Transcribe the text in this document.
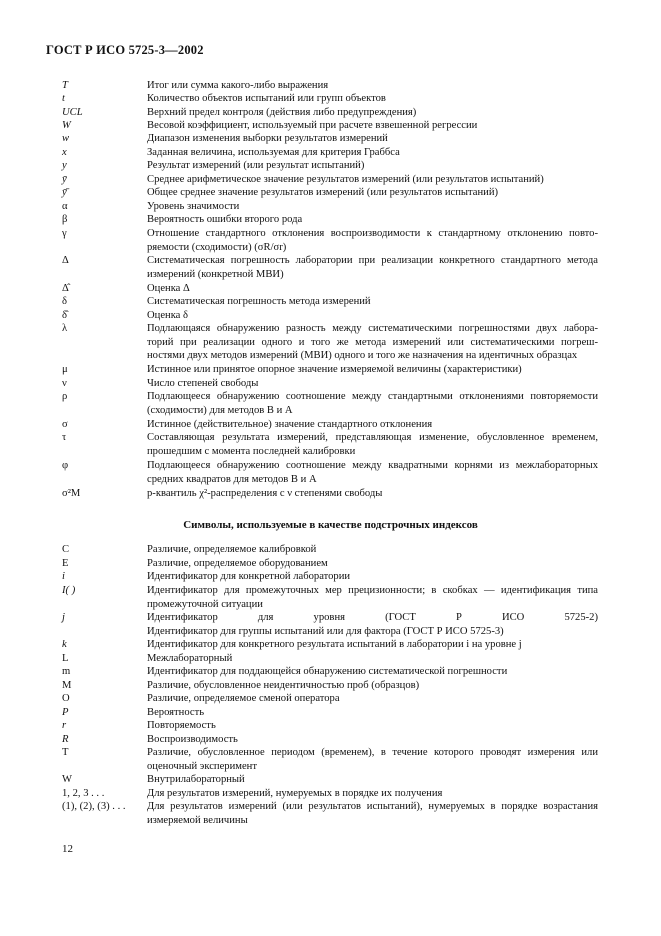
ГОСТ Р ИСО 5725-3—2002
T	Итог или сумма какого-либо выражения
t	Количество объектов испытаний или групп объектов
UCL	Верхний предел контроля (действия либо предупреждения)
W	Весовой коэффициент, используемый при расчете взвешенной регрессии
w	Диапазон изменения выборки результатов измерений
x	Заданная величина, используемая для критерия Граббса
y	Результат измерений (или результат испытаний)
ȳ	Среднее арифметическое значение результатов измерений (или результатов испытаний)
ȳ̄	Общее среднее значение результатов измерений (или результатов испытаний)
α	Уровень значимости
β	Вероятность ошибки второго рода
γ	Отношение стандартного отклонения воспроизводимости к стандартному отклонению повто-
ряемости (сходимости) (σR/σr)
Δ	Систематическая погрешность лаборатории при реализации конкретного стандартного метода
измерений (конкретной МВИ)
Δ̂	Оценка Δ
δ	Систематическая погрешность метода измерений
δ̂	Оценка δ
λ	Подлающаяся обнаружению разность между систематическими погрешностями двух лабора-
торий при реализации одного и того же метода измерений или систематическими погреш-
ностями двух методов измерений (МВИ) одного и того же назначения на идентичных образцах
μ	Истинное или принятое опорное значение измеряемой величины (характеристики)
ν	Число степеней свободы
ρ	Подлающееся обнаружению соотношение между стандартными отклонениями повторяемости
(сходимости) для методов В и А
σ	Истинное (действительное) значение стандартного отклонения
τ	Составляющая результата измерений, представляющая изменение, обусловленное временем,
прошедшим с момента последней калибровки
φ	Подлающееся обнаружению соотношение между квадратными корнями из межлабораторных
средних квадратов для методов В и А
σ²M	p-квантиль χ²-распределения с ν степенями свободы
Символы, используемые в качестве подстрочных индексов
C	Различие, определяемое калибровкой
E	Различие, определяемое оборудованием
i	Идентификатор для конкретной лаборатории
I( )	Идентификатор для промежуточных мер прецизионности; в скобках — идентификация типа
промежуточной ситуации
j	Идентификатор для уровня (ГОСТ Р ИСО 5725-2)
Идентификатор для группы испытаний или для фактора (ГОСТ Р ИСО 5725-3)
k	Идентификатор для конкретного результата испытаний в лаборатории i на уровне j
L	Межлабораторный
m	Идентификатор для поддающейся обнаружению систематической погрешности
M	Различие, обусловленное неидентичностью проб (образцов)
O	Различие, определяемое сменой оператора
P	Вероятность
r	Повторяемость
R	Воспроизводимость
T	Различие, обусловленное периодом (временем), в течение которого проводят измерения или
оценочный эксперимент
W	Внутрилабораторный
1, 2, 3 . . .	Для результатов измерений, нумеруемых в порядке их получения
(1), (2), (3) . . .	Для результатов измерений (или результатов испытаний), нумеруемых в порядке возрастания
измеряемой величины
12
